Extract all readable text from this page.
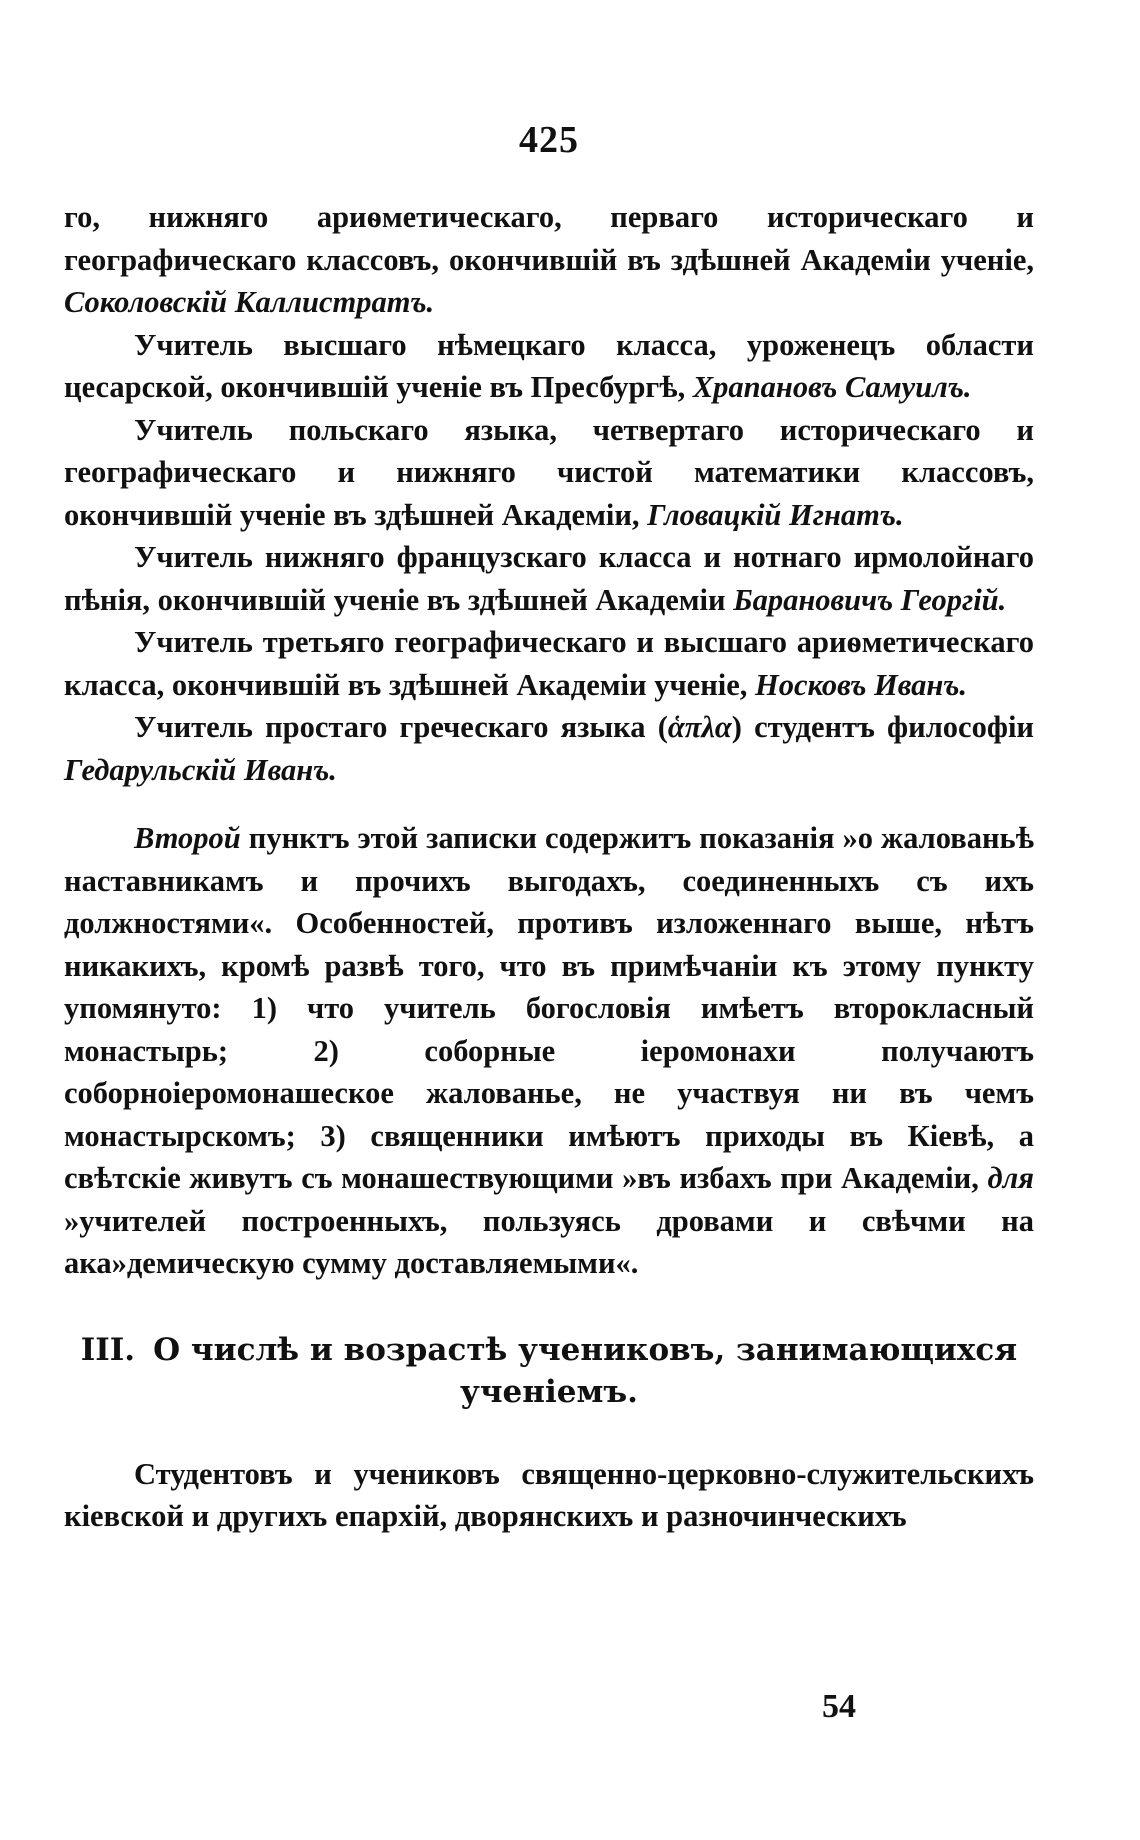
425

го, нижняго ариѳметическаго, перваго историческаго и географическаго классовъ, окончившій въ здѣшней Академіи ученіе, Соколовскій Каллистратъ.

Учитель высшаго нѣмецкаго класса, уроженецъ области цесарской, окончившій ученіе въ Пресбургѣ, Храпановъ Самуилъ.

Учитель польскаго языка, четвертаго историческаго и географическаго и нижняго чистой математики классовъ, окончившій ученіе въ здѣшней Академіи, Гловацкій Игнатъ.

Учитель нижняго французскаго класса и нотнаго ирмолойнаго пѣнія, окончившій ученіе въ здѣшней Академіи Барановичъ Георгій.

Учитель третьяго географическаго и высшаго ариѳметическаго класса, окончившій въ здѣшней Академіи ученіе, Носковъ Иванъ.

Учитель простаго греческаго языка (ἁπλα) студентъ философіи Гедарульскій Иванъ.

Второй пунктъ этой записки содержитъ показанія »о жалованьѣ наставникамъ и прочихъ выгодахъ, соединенныхъ съ ихъ должностями«. Особенностей, противъ изложеннаго выше, нѣтъ никакихъ, кромѣ развѣ того, что въ примѣчаніи къ этому пункту упомянуто: 1) что учитель богословія имѣетъ второкласный монастырь; 2) соборные іеромонахи получаютъ соборноіеромонашеское жалованье, не участвуя ни въ чемъ монастырскомъ; 3) священники имѣютъ приходы въ Кіевѣ, а свѣтскіе живутъ съ монашествующими »въ избахъ при Академіи, для »учителей построенныхъ, пользуясь дровами и свѣчми на ака»демическую сумму доставляемыми«.

III. О числѣ и возрастѣ учениковъ, занимающихся ученіемъ.

Студентовъ и учениковъ священно-церковно-служительскихъ кіевской и другихъ епархій, дворянскихъ и разночинческихъ

54
